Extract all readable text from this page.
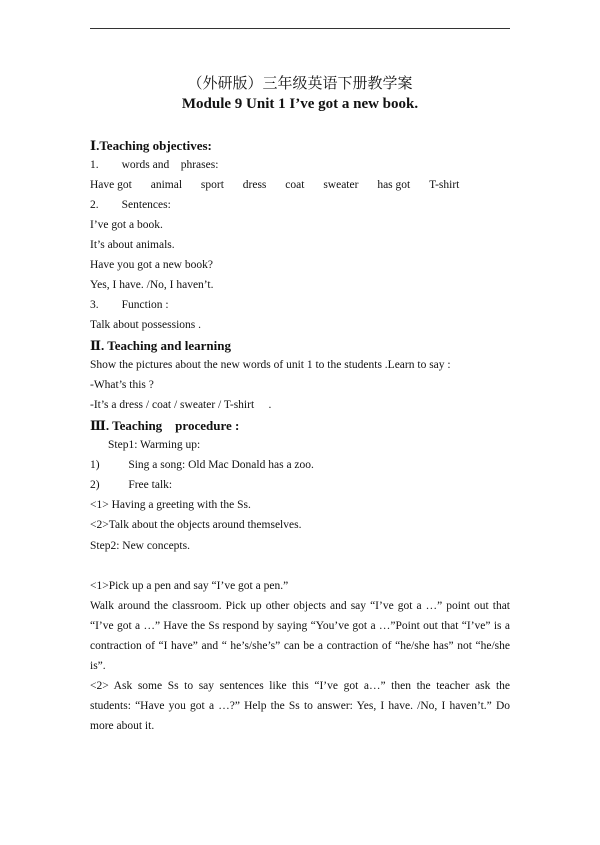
（外研版）三年级英语下册教学案
Module 9 Unit 1 I’ve got a new book.
Ⅰ.Teaching objectives:
1.        words and    phrases:
Have got animal sport dress coat sweater has got T-shirt
2.        Sentences:
I’ve got a book.
It’s about animals.
Have you got a new book?
Yes, I have. /No, I haven’t.
3.        Function :
Talk about possessions .
Ⅱ. Teaching and learning
Show the pictures about the new words of unit 1 to the students .Learn to say :
-What’s this ?
-It’s a dress / coat / sweater / T-shirt     .
Ⅲ. Teaching    procedure :
Step1: Warming up:
1)          Sing a song: Old Mac Donald has a zoo.
2)          Free talk:
<1> Having a greeting with the Ss.
<2>Talk about the objects around themselves.
Step2: New concepts.
<1>Pick up a pen and say “I’ve got a pen.”
Walk around the classroom. Pick up other objects and say “I’ve got a …” point out that “I’ve got a …” Have the Ss respond by saying “You’ve got a …”Point out that “I’ve” is a contraction of “I have” and “ he’s/she’s” can be a contraction of “he/she has” not “he/she is”.
<2> Ask some Ss to say sentences like this “I’ve got a…” then the teacher ask the students: “Have you got a …?” Help the Ss to answer: Yes, I have. /No, I haven’t.” Do more about it.
